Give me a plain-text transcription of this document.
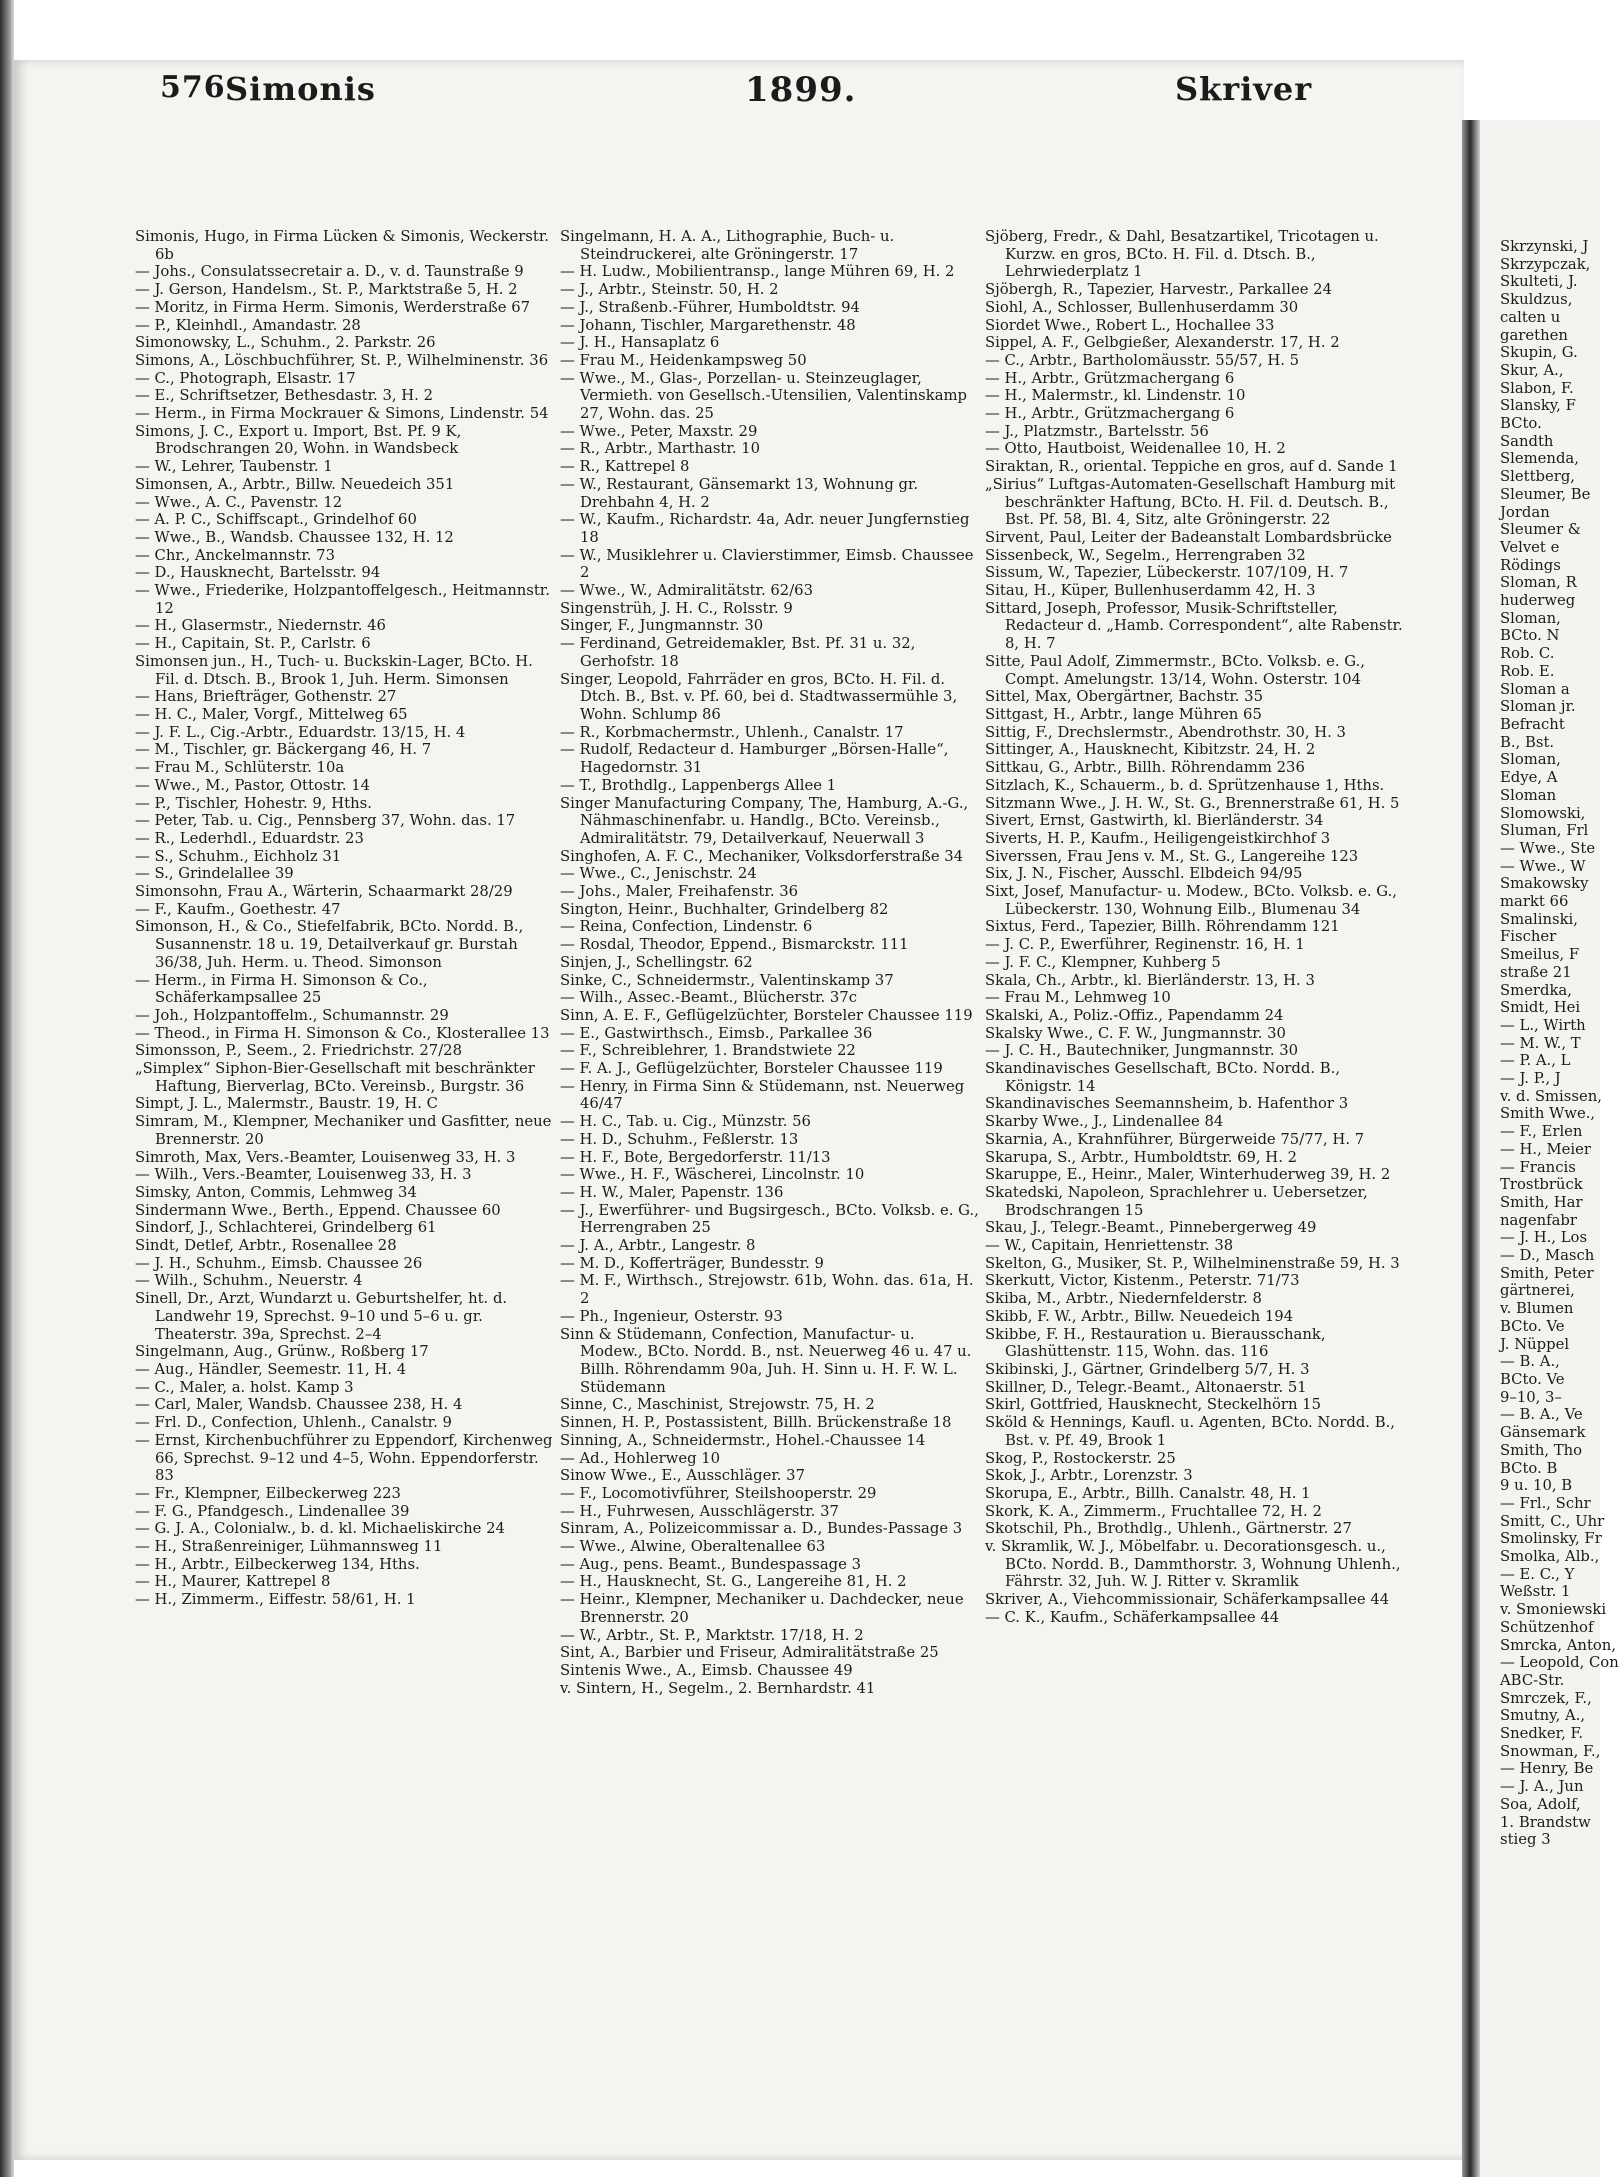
576 Simonis	1899.	Skriver
Simonis, Hugo, in Firma Lücken & Simonis, Weckerstr. 6b
— Johs., Consulatssecretair a. D., v. d. Taunstraße 9
— J. Gerson, Handelsm., St. P., Marktstraße 5, H. 2
— Moritz, in Firma Herm. Simonis, Werderstraße 67
— P., Kleinhdl., Amandastr. 28
Simonowsky, L., Schuhm., 2. Parkstr. 26
Simons, A., Löschbuchführer, St. P., Wilhelminenstr. 36
— C., Photograph, Elsastr. 17
— E., Schriftsetzer, Bethesdastr. 3, H. 2
— Herm., in Firma Mockrauer & Simons, Lindenstr. 54
Simons, J. C., Export u. Import, Bst. Pf. 9 K, Brodschrangen 20, Wohn. in Wandsbeck
— W., Lehrer, Taubenstr. 1
Simonsen, A., Arbtr., Billw. Neuedeich 351
— Wwe., A. C., Pavenstr. 12
— A. P. C., Schiffscapt., Grindelhof 60
— Wwe., B., Wandsb. Chaussee 132, H. 12
— Chr., Anckelmannstr. 73
— D., Hausknecht, Bartelsstr. 94
— Wwe., Friederike, Holzpantoffelgesch., Heitmannstr. 12
— H., Glasermstr., Niedernstr. 46
— H., Capitain, St. P., Carlstr. 6
Simonsen jun., H., Tuch- u. Buckskin-Lager, BCto. H. Fil. d. Dtsch. B., Brook 1, Juh. Herm. Simonsen
— Hans, Briefträger, Gothenstr. 27
— H. C., Maler, Vorgf., Mittelweg 65
— J. F. L., Cig.-Arbtr., Eduardstr. 13/15, H. 4
— M., Tischler, gr. Bäckergang 46, H. 7
— Frau M., Schlüterstr. 10a
— Wwe., M., Pastor, Ottostr. 14
— P., Tischler, Hohestr. 9, Hths.
— Peter, Tab. u. Cig., Pennsberg 37, Wohn. das. 17
— R., Lederhdl., Eduardstr. 23
— S., Schuhm., Eichholz 31
— S., Grindelallee 39
Simonsohn, Frau A., Wärterin, Schaarmarkt 28/29
— F., Kaufm., Goethestr. 47
Simonson, H., & Co., Stiefelfabrik, BCto. Nordd. B., Susannenstr. 18 u. 19, Detailverkauf gr. Burstah 36/38, Juh. Herm. u. Theod. Simonson
— Herm., in Firma H. Simonson & Co., Schäferkampsallee 25
— Joh., Holzpantoffelm., Schumannstr. 29
— Theod., in Firma H. Simonson & Co., Klosterallee 13
Simonsson, P., Seem., 2. Friedrichstr. 27/28
„Simplex“ Siphon-Bier-Gesellschaft mit beschränkter Haftung, Bierverlag, BCto. Vereinsb., Burgstr. 36
Simpt, J. L., Malermstr., Baustr. 19, H. C
Simram, M., Klempner, Mechaniker und Gasfitter, neue Brennerstr. 20
Simroth, Max, Vers.-Beamter, Louisenweg 33, H. 3
— Wilh., Vers.-Beamter, Louisenweg 33, H. 3
Simsky, Anton, Commis, Lehmweg 34
Sindermann Wwe., Berth., Eppend. Chaussee 60
Sindorf, J., Schlachterei, Grindelberg 61
Sindt, Detlef, Arbtr., Rosenallee 28
— J. H., Schuhm., Eimsb. Chaussee 26
— Wilh., Schuhm., Neuerstr. 4
Sinell, Dr., Arzt, Wundarzt u. Geburtshelfer, ht. d. Landwehr 19, Sprechst. 9–10 und 5–6 u. gr. Theaterstr. 39a, Sprechst. 2–4
Singelmann, Aug., Grünw., Roßberg 17
— Aug., Händler, Seemestr. 11, H. 4
— C., Maler, a. holst. Kamp 3
— Carl, Maler, Wandsb. Chaussee 238, H. 4
— Frl. D., Confection, Uhlenh., Canalstr. 9
— Ernst, Kirchenbuchführer zu Eppendorf, Kirchenweg 66, Sprechst. 9–12 und 4–5, Wohn. Eppendorferstr. 83
— Fr., Klempner, Eilbeckerweg 223
— F. G., Pfandgesch., Lindenallee 39
— G. J. A., Colonialw., b. d. kl. Michaeliskirche 24
— H., Straßenreiniger, Lühmannsweg 11
— H., Arbtr., Eilbeckerweg 134, Hths.
— H., Maurer, Kattrepel 8
— H., Zimmerm., Eiffestr. 58/61, H. 1
Singelmann, H. A. A., Lithographie, Buch- u. Steindruckerei, alte Gröningerstr. 17
— H. Ludw., Mobilientransp., lange Mühren 69, H. 2
— J., Arbtr., Steinstr. 50, H. 2
— J., Straßenb.-Führer, Humboldtstr. 94
— Johann, Tischler, Margarethenstr. 48
— J. H., Hansaplatz 6
— Frau M., Heidenkampsweg 50
— Wwe., M., Glas-, Porzellan- u. Steinzeuglager, Vermieth. von Gesellsch.-Utensilien, Valentinskamp 27, Wohn. das. 25
— Wwe., Peter, Maxstr. 29
— R., Arbtr., Marthastr. 10
— R., Kattrepel 8
— W., Restaurant, Gänsemarkt 13, Wohnung gr. Drehbahn 4, H. 2
— W., Kaufm., Richardstr. 4a, Adr. neuer Jungfernstieg 18
— W., Musiklehrer u. Clavierstimmer, Eimsb. Chaussee 2
— Wwe., W., Admiralitätstr. 62/63
Singenstrüh, J. H. C., Rolsstr. 9
Singer, F., Jungmannstr. 30
— Ferdinand, Getreidemakler, Bst. Pf. 31 u. 32, Gerhofstr. 18
Singer, Leopold, Fahrräder en gros, BCto. H. Fil. d. Dtch. B., Bst. v. Pf. 60, bei d. Stadtwassermühle 3, Wohn. Schlump 86
— R., Korbmachermstr., Uhlenh., Canalstr. 17
— Rudolf, Redacteur d. Hamburger „Börsen-Halle“, Hagedornstr. 31
— T., Brothdlg., Lappenbergs Allee 1
Singer Manufacturing Company, The, Hamburg, A.-G., Nähmaschinenfabr. u. Handlg., BCto. Vereinsb., Admiralitätstr. 79, Detailverkauf, Neuerwall 3
Singhofen, A. F. C., Mechaniker, Volksdorferstraße 34
— Wwe., C., Jenischstr. 24
— Johs., Maler, Freihafenstr. 36
Sington, Heinr., Buchhalter, Grindelberg 82
— Reina, Confection, Lindenstr. 6
— Rosdal, Theodor, Eppend., Bismarckstr. 111
Sinjen, J., Schellingstr. 62
Sinke, C., Schneidermstr., Valentinskamp 37
— Wilh., Assec.-Beamt., Blücherstr. 37c
Sinn, A. E. F., Geflügelzüchter, Borsteler Chaussee 119
— E., Gastwirthsch., Eimsb., Parkallee 36
— F., Schreiblehrer, 1. Brandstwiete 22
— F. A. J., Geflügelzüchter, Borsteler Chaussee 119
— Henry, in Firma Sinn & Stüdemann, nst. Neuerweg 46/47
— H. C., Tab. u. Cig., Münzstr. 56
— H. D., Schuhm., Feßlerstr. 13
— H. F., Bote, Bergedorferstr. 11/13
— Wwe., H. F., Wäscherei, Lincolnstr. 10
— H. W., Maler, Papenstr. 136
— J., Ewerführer- und Bugsirgesch., BCto. Volksb. e. G., Herrengraben 25
— J. A., Arbtr., Langestr. 8
— M. D., Kofferträger, Bundesstr. 9
— M. F., Wirthsch., Strejowstr. 61b, Wohn. das. 61a, H. 2
— Ph., Ingenieur, Osterstr. 93
Sinn & Stüdemann, Confection, Manufactur- u. Modew., BCto. Nordd. B., nst. Neuerweg 46 u. 47 u. Billh. Röhrendamm 90a, Juh. H. Sinn u. H. F. W. L. Stüdemann
Sinne, C., Maschinist, Strejowstr. 75, H. 2
Sinnen, H. P., Postassistent, Billh. Brückenstraße 18
Sinning, A., Schneidermstr., Hohel.-Chaussee 14
— Ad., Hohlerweg 10
Sinow Wwe., E., Ausschläger. 37
— F., Locomotivführer, Steilshooperstr. 29
— H., Fuhrwesen, Ausschlägerstr. 37
Sinram, A., Polizeicommissar a. D., Bundes-Passage 3
— Wwe., Alwine, Oberaltenallee 63
— Aug., pens. Beamt., Bundespassage 3
— H., Hausknecht, St. G., Langereihe 81, H. 2
— Heinr., Klempner, Mechaniker u. Dachdecker, neue Brennerstr. 20
— W., Arbtr., St. P., Marktstr. 17/18, H. 2
Sint, A., Barbier und Friseur, Admiralitätstraße 25
Sintenis Wwe., A., Eimsb. Chaussee 49
v. Sintern, H., Segelm., 2. Bernhardstr. 41
Sjöberg, Fredr., & Dahl, Besatzartikel, Tricotagen u. Kurzw. en gros, BCto. H. Fil. d. Dtsch. B., Lehrwiederplatz 1
Sjöbergh, R., Tapezier, Harvestr., Parkallee 24
Siohl, A., Schlosser, Bullenhuserdamm 30
Siordet Wwe., Robert L., Hochallee 33
Sippel, A. F., Gelbgießer, Alexanderstr. 17, H. 2
— C., Arbtr., Bartholomäusstr. 55/57, H. 5
— H., Arbtr., Grützmachergang 6
— H., Malermstr., kl. Lindenstr. 10
— H., Arbtr., Grützmachergang 6
— J., Platzmstr., Bartelsstr. 56
— Otto, Hautboist, Weidenallee 10, H. 2
Siraktan, R., oriental. Teppiche en gros, auf d. Sande 1
„Sirius“ Luftgas-Automaten-Gesellschaft Hamburg mit beschränkter Haftung, BCto. H. Fil. d. Deutsch. B., Bst. Pf. 58, Bl. 4, Sitz, alte Gröningerstr. 22
Sirvent, Paul, Leiter der Badeanstalt Lombardsbrücke
Sissenbeck, W., Segelm., Herrengraben 32
Sissum, W., Tapezier, Lübeckerstr. 107/109, H. 7
Sitau, H., Küper, Bullenhuserdamm 42, H. 3
Sittard, Joseph, Professor, Musik-Schriftsteller, Redacteur d. „Hamb. Correspondent“, alte Rabenstr. 8, H. 7
Sitte, Paul Adolf, Zimmermstr., BCto. Volksb. e. G., Compt. Amelungstr. 13/14, Wohn. Osterstr. 104
Sittel, Max, Obergärtner, Bachstr. 35
Sittgast, H., Arbtr., lange Mühren 65
Sittig, F., Drechslermstr., Abendrothstr. 30, H. 3
Sittinger, A., Hausknecht, Kibitzstr. 24, H. 2
Sittkau, G., Arbtr., Billh. Röhrendamm 236
Sitzlach, K., Schauerm., b. d. Sprützenhause 1, Hths.
Sitzmann Wwe., J. H. W., St. G., Brennerstraße 61, H. 5
Sivert, Ernst, Gastwirth, kl. Bierländerstr. 34
Siverts, H. P., Kaufm., Heiligengeistkirchhof 3
Siverssen, Frau Jens v. M., St. G., Langereihe 123
Six, J. N., Fischer, Ausschl. Elbdeich 94/95
Sixt, Josef, Manufactur- u. Modew., BCto. Volksb. e. G., Lübeckerstr. 130, Wohnung Eilb., Blumenau 34
Sixtus, Ferd., Tapezier, Billh. Röhrendamm 121
— J. C. P., Ewerführer, Reginenstr. 16, H. 1
— J. F. C., Klempner, Kuhberg 5
Skala, Ch., Arbtr., kl. Bierländerstr. 13, H. 3
— Frau M., Lehmweg 10
Skalski, A., Poliz.-Offiz., Papendamm 24
Skalsky Wwe., C. F. W., Jungmannstr. 30
— J. C. H., Bautechniker, Jungmannstr. 30
Skandinavisches Gesellschaft, BCto. Nordd. B., Königstr. 14
Skandinavisches Seemannsheim, b. Hafenthor 3
Skarby Wwe., J., Lindenallee 84
Skarnia, A., Krahnführer, Bürgerweide 75/77, H. 7
Skarupa, S., Arbtr., Humboldtstr. 69, H. 2
Skaruppe, E., Heinr., Maler, Winterhuderweg 39, H. 2
Skatedski, Napoleon, Sprachlehrer u. Uebersetzer, Brodschrangen 15
Skau, J., Telegr.-Beamt., Pinnebergerweg 49
— W., Capitain, Henriettenstr. 38
Skelton, G., Musiker, St. P., Wilhelminenstraße 59, H. 3
Skerkutt, Victor, Kistenm., Peterstr. 71/73
Skiba, M., Arbtr., Niedernfelderstr. 8
Skibb, F. W., Arbtr., Billw. Neuedeich 194
Skibbe, F. H., Restauration u. Bierausschank, Glashüttenstr. 115, Wohn. das. 116
Skibinski, J., Gärtner, Grindelberg 5/7, H. 3
Skillner, D., Telegr.-Beamt., Altonaerstr. 51
Skirl, Gottfried, Hausknecht, Steckelhörn 15
Sköld & Hennings, Kaufl. u. Agenten, BCto. Nordd. B., Bst. v. Pf. 49, Brook 1
Skog, P., Rostockerstr. 25
Skok, J., Arbtr., Lorenzstr. 3
Skorupa, E., Arbtr., Billh. Canalstr. 48, H. 1
Skork, K. A., Zimmerm., Fruchtallee 72, H. 2
Skotschil, Ph., Brothdlg., Uhlenh., Gärtnerstr. 27
v. Skramlik, W. J., Möbelfabr. u. Decorationsgesch. u., BCto. Nordd. B., Dammthorstr. 3, Wohnung Uhlenh., Fährstr. 32, Juh. W. J. Ritter v. Skramlik
Skriver, A., Viehcommissionair, Schäferkampsallee 44
— C. K., Kaufm., Schäferkampsallee 44
Skrzynski, J
Skrzypczak,
Skulteti, J.
Skuldzus,
calten u
garethen
Skupin, G.
Skur, A.,
Slabon, F.
Slansky, F
BCto.
Sandth
Slemenda,
Slettberg,
Sleumer, Be
Jordan
Sleumer &
Velvet e
Rödings
Sloman, R
huderweg
Sloman,
BCto. N
Rob. C.
Rob. E.
Sloman a
Sloman jr.
Befracht
B., Bst.
Sloman,
Edye, A
Sloman
Slomowski,
Sluman, Frl
— Wwe., Ste
— Wwe., W
Smakowsky
markt 66
Smalinski,
Fischer
Smeilus, F
straße 21
Smerdka,
Smidt, Hei
— L., Wirth
— M. W., T
— P. A., L
— J. P., J
v. d. Smissen,
Smith Wwe.,
— F., Erlen
— H., Meier
— Francis
Trostbrück
Smith, Har
nagenfabr
— J. H., Los
— D., Masch
Smith, Peter
gärtnerei,
v. Blumen
BCto. Ve
J. Nüppel
— B. A.,
BCto. Ve
9–10, 3–
— B. A., Ve
Gänsemark
Smith, Tho
BCto. B
9 u. 10, B
— Frl., Schr
Smitt, C., Uhr
Smolinsky, Fr
Smolka, Alb.,
— E. C., Y
Weßstr. 1
v. Smoniewski
Schützenhof
Smrcka, Anton,
— Leopold, Con
ABC-Str.
Smrczek, F.,
Smutny, A.,
Snedker, F.
Snowman, F.,
— Henry, Be
— J. A., Jun
Soa, Adolf,
1. Brandstw
stieg 3
